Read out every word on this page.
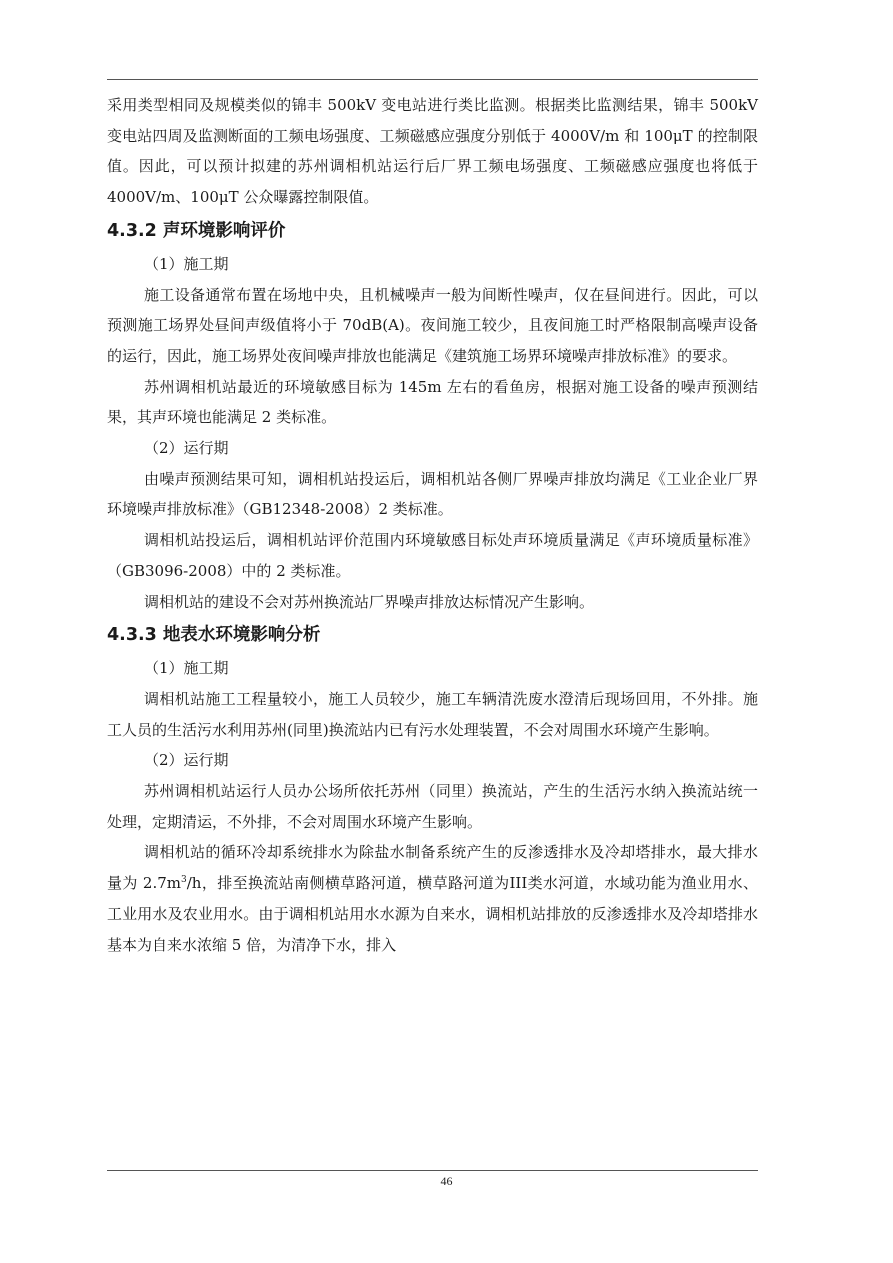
采用类型相同及规模类似的锦丰 500kV 变电站进行类比监测。根据类比监测结果，锦丰 500kV 变电站四周及监测断面的工频电场强度、工频磁感应强度分别低于 4000V/m 和 100μT 的控制限值。因此，可以预计拟建的苏州调相机站运行后厂界工频电场强度、工频磁感应强度也将低于 4000V/m、100μT 公众曝露控制限值。

4.3.2 声环境影响评价
（1）施工期

施工设备通常布置在场地中央，且机械噪声一般为间断性噪声，仅在昼间进行。因此，可以预测施工场界处昼间声级值将小于 70dB(A)。夜间施工较少，且夜间施工时严格限制高噪声设备的运行，因此，施工场界处夜间噪声排放也能满足《建筑施工场界环境噪声排放标准》的要求。

苏州调相机站最近的环境敏感目标为 145m 左右的看鱼房，根据对施工设备的噪声预测结果，其声环境也能满足 2 类标准。

（2）运行期

由噪声预测结果可知，调相机站投运后，调相机站各侧厂界噪声排放均满足《工业企业厂界环境噪声排放标准》（GB12348-2008）2 类标准。

调相机站投运后，调相机站评价范围内环境敏感目标处声环境质量满足《声环境质量标准》（GB3096-2008）中的 2 类标准。

调相机站的建设不会对苏州换流站厂界噪声排放达标情况产生影响。

4.3.3 地表水环境影响分析
（1）施工期

调相机站施工工程量较小，施工人员较少，施工车辆清洗废水澄清后现场回用，不外排。施工人员的生活污水利用苏州(同里)换流站内已有污水处理装置，不会对周围水环境产生影响。

（2）运行期

苏州调相机站运行人员办公场所依托苏州（同里）换流站，产生的生活污水纳入换流站统一处理，定期清运，不外排，不会对周围水环境产生影响。

调相机站的循环冷却系统排水为除盐水制备系统产生的反渗透排水及冷却塔排水，最大排水量为 $2.7m^3/h$，排至换流站南侧横草路河道，横草路河道为III类水河道，水域功能为渔业用水、工业用水及农业用水。由于调相机站用水水源为自来水，调相机站排放的反渗透排水及冷却塔排水基本为自来水浓缩 5 倍，为清净下水，排入

46
